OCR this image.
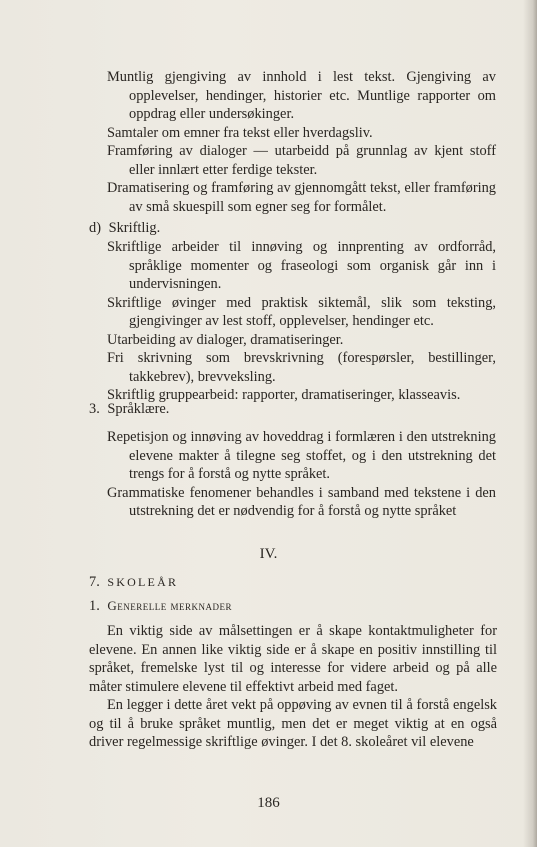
Muntlig gjengiving av innhold i lest tekst. Gjengiving av opplevelser, hendinger, historier etc. Muntlige rapporter om oppdrag eller undersøkinger.

Samtaler om emner fra tekst eller hverdagsliv.

Framføring av dialoger — utarbeidd på grunnlag av kjent stoff eller innlært etter ferdige tekster.

Dramatisering og framføring av gjennomgått tekst, eller framføring av små skuespill som egner seg for formålet.

d) Skriftlig.

Skriftlige arbeider til innøving og innprenting av ordforråd, språklige momenter og fraseologi som organisk går inn i undervisningen.

Skriftlige øvinger med praktisk siktemål, slik som teksting, gjengivinger av lest stoff, opplevelser, hendinger etc.

Utarbeiding av dialoger, dramatiseringer.

Fri skrivning som brevskrivning (forespørsler, bestillinger, takkebrev), brevveksling.

Skriftlig gruppearbeid: rapporter, dramatiseringer, klasseavis.

3. Språklære.

Repetisjon og innøving av hoveddrag i formlæren i den utstrekning elevene makter å tilegne seg stoffet, og i den utstrekning det trengs for å forstå og nytte språket.

Grammatiske fenomener behandles i samband med tekstene i den utstrekning det er nødvendig for å forstå og nytte språket

IV.
7. SKOLEÅR
1. Generelle merknader

En viktig side av målsettingen er å skape kontaktmuligheter for elevene. En annen like viktig side er å skape en positiv innstilling til språket, fremelske lyst til og interesse for videre arbeid og på alle måter stimulere elevene til effektivt arbeid med faget.

En legger i dette året vekt på oppøving av evnen til å forstå engelsk og til å bruke språket muntlig, men det er meget viktig at en også driver regelmessige skriftlige øvinger. I det 8. skoleåret vil elevene

186
